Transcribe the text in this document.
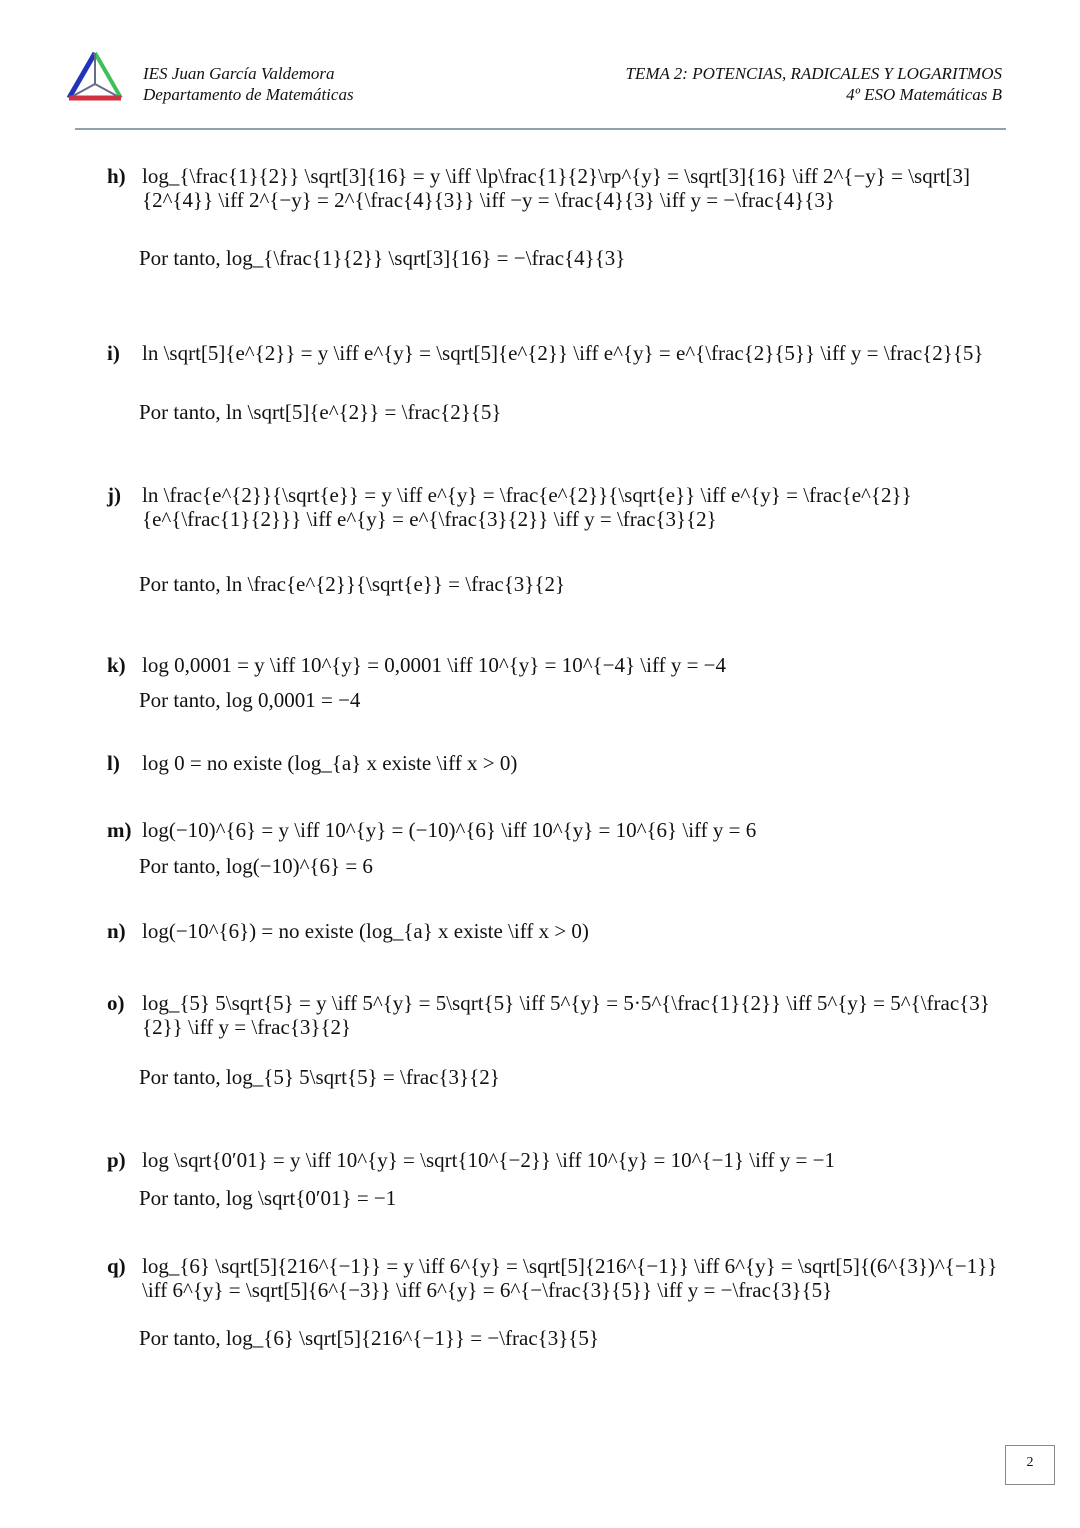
IES Juan García Valdemora
Departamento de Matemáticas
TEMA 2: POTENCIAS, RADICALES Y LOGARITMOS
4º ESO Matemáticas B
h) log_{\frac{1}{2}} \sqrt[3]{16} = y \iff \lp\frac{1}{2}\rp^{y} = \sqrt[3]{16} \iff 2^{−y} = \sqrt[3]{2^{4}} \iff 2^{−y} = 2^{\frac{4}{3}} \iff −y = \frac{4}{3} \iff y = −\frac{4}{3}
Por tanto, log_{\frac{1}{2}} \sqrt[3]{16} = −\frac{4}{3}
i)	ln \sqrt[5]{e^{2}} = y \iff e^{y} = \sqrt[5]{e^{2}} \iff e^{y} = e^{\frac{2}{5}} \iff y = \frac{2}{5}
Por tanto, ln \sqrt[5]{e^{2}} = \frac{2}{5}
j)	ln \frac{e^{2}}{\sqrt{e}} = y \iff e^{y} = \frac{e^{2}}{\sqrt{e}} \iff e^{y} = \frac{e^{2}}{e^{\frac{1}{2}}} \iff e^{y} = e^{\frac{3}{2}} \iff y = \frac{3}{2}
Por tanto, ln \frac{e^{2}}{\sqrt{e}} = \frac{3}{2}
k) log 0,0001 = y \iff 10^{y} = 0,0001 \iff 10^{y} = 10^{−4} \iff y = −4
Por tanto, log 0,0001 = −4
l)	log 0 = no existe (log_{a} x existe \iff x > 0)
m) log(−10)^{6} = y \iff 10^{y} = (−10)^{6} \iff 10^{y} = 10^{6} \iff y = 6
Por tanto, log(−10)^{6} = 6
n) log(−10^{6}) = no existe (log_{a} x existe \iff x > 0)
o) log_{5} 5\sqrt{5} = y \iff 5^{y} = 5\sqrt{5} \iff 5^{y} = 5·5^{\frac{1}{2}} \iff 5^{y} = 5^{\frac{3}{2}} \iff y = \frac{3}{2}
Por tanto, log_{5} 5\sqrt{5} = \frac{3}{2}
p) log \sqrt{0′01} = y \iff 10^{y} = \sqrt{10^{−2}} \iff 10^{y} = 10^{−1} \iff y = −1
Por tanto, log \sqrt{0′01} = −1
q) log_{6} \sqrt[5]{216^{−1}} = y \iff 6^{y} = \sqrt[5]{216^{−1}} \iff 6^{y} = \sqrt[5]{(6^{3})^{−1}} \iff 6^{y} = \sqrt[5]{6^{−3}} \iff 6^{y} = 6^{−\frac{3}{5}} \iff y = −\frac{3}{5}
Por tanto, log_{6} \sqrt[5]{216^{−1}} = −\frac{3}{5}
2
